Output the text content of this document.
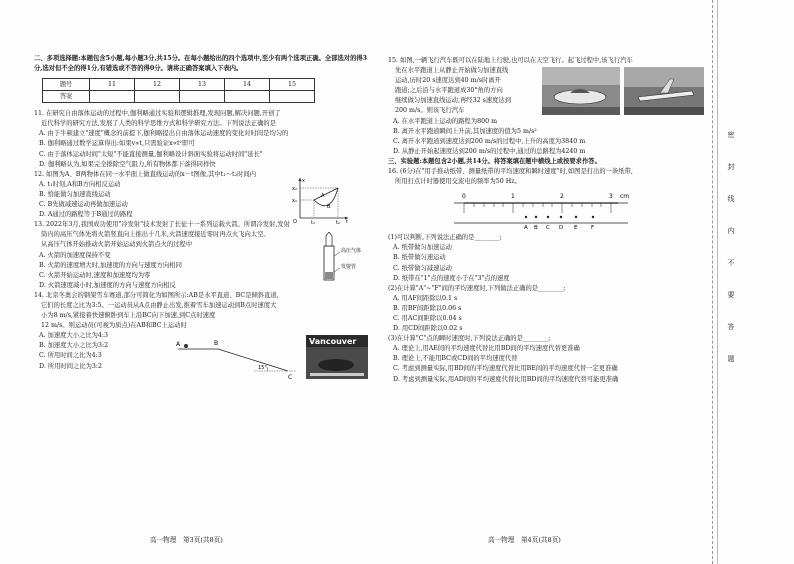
二、多项选择题:本题包含5小题,每小题3分,共15分。在每小题给出的四个选项中,至少有两个选项正确。全部选对的得3分,选对但不全的得1分,有错选或不答的得0分。请将正确答案填入下表内。

题号	11	12	13	14	15
答案					

11. 在研究自由落体运动的过程中,伽利略通过实验和逻辑推理,发现问题,解决问题,开创了

近代科学的研究方法,发展了人类的科学思维方式和科学研究方法。下列说法正确的是

A. 由于牛顿建立"速度"概念的前提下,伽利略提出自由落体运动速度的变化对时间是均匀的

B. 伽利略通过数学运算得出:如果v∝t,只需验证x∝t²即可

C. 由于落体运动时间"太短"不能直接测量,伽利略设计斜面实验将运动时间"延长"

D. 伽利略认为,如果完全排除空气阻力,所有物体都下落得同样快

12. 如图为A、B两物体在同一水平面上做直线运动的x－t图像,其中t₁～t₂时间内

A. t₁时刻,A和B方向相反运动

B. 恰能做匀加速直线运动

C. B先做减速运动再做加速运动

D. A通过的路程等于B通过的路程

x₂
x₁
O	t₁	t₂ t
x
A
B

13. 2022年3月,我国成功使用"冷发射"技术发射了长征十一系列运载火箭。所谓冷发射,发射

筒内的高压气体先将火箭竖直向上推出十几米,火箭速度接近零时再点火飞向太空。

从高压气体开始推动火箭开始运动到火箭点火的过程中

A. 火箭的加速度保持不变

B. 火箭的速度增大时,加速度的方向与速度方向相同

C. 火箭开始运动时,速度和加速度均为零

D. 火箭速度减小时,加速度的方向与速度方向相反

高压气体
发射管

14. 北京冬奥会的钢架雪车赛道,部分可简化为如图所示:AB是水平直道、BC是倾斜直道,

它们的长度之比为3:5。一运动员从A点由静止出发,推着雪车加速运动到B点时速度大

小为8 m/s,紧接着快速俯卧到车上沿BC向下加速,到C点时速度

12 m/s。则运动员(可视为质点)在AB和BC上运动时

A. 加速度大小之比为4:3

B. 加速度大小之比为3:2

C. 所用时间之比为4:3

D. 所用时间之比为3:2

A	B
C
15°
Vancouver

15. 如图,一辆飞行汽车既可以在陆地上行驶,也可以在天空飞行。起飞过程中,该飞行汽车

先在水平跑道上从静止开始做匀加速直线

运动,历时20 s速度达到40 m/s时离开

跑道;之后沿与水平跑道成30°角的方向

继续做匀加速直线运动,再经32 s速度达到

200 m/s。则该飞行汽车

A. 在水平跑道上运动的路程为800 m

B. 离开水平跑道瞬间上升前,其加速度的值为5 m/s²

C. 离开水平跑道到速度达到200 m/s的过程中,上升的高度为3840 m

D. 从静止开始起速度达到200 m/s的过程中,通过的总路程为4240 m

三、实验题:本题包含2小题,共14分。将答案填在题中横线上或按要求作答。

16. (6分)在"用手推动纸带、测量纸带的平均速度和瞬时速度"时,如图是打出的一条纸带,

所用打点计时器使用交流电的频率为50 Hz。

0	1	2	3 cm
A B C D E F

(1)可以判断,下列说法正确的是________;

A. 纸带做匀加速运动

B. 纸带做匀速运动

C. 纸带做匀减速运动

D. 纸带在"1"点的速度小于在"3"点的速度

(2)在计算"A"~"F"间的平均速度时,下列做法正确的是________;

A. 用AF间距除以0.1 s

B. 用BF间距除以0.06 s

C. 用AC间距除以0.04 s

D. 用CD间距除以0.02 s

(3)在计算"C"点的瞬时速度时,下列说法正确的是________;

A. 理论上,用AE间的平均速度代替比用BD间的平均速度代替更准确

B. 理论上,不能用BC或CD间的平均速度代替

C. 考虑到测量实际,用BD间的平均速度代替比用BE间的平均速度代替一定更准确

D. 考虑到测量实际,用AD间的平均速度代替比用BD间的平均速度代替可能更准确

高一物理　第3页(共8页)	高一物理　第4页(共8页)
密
封
线
内
不
要
答
题
